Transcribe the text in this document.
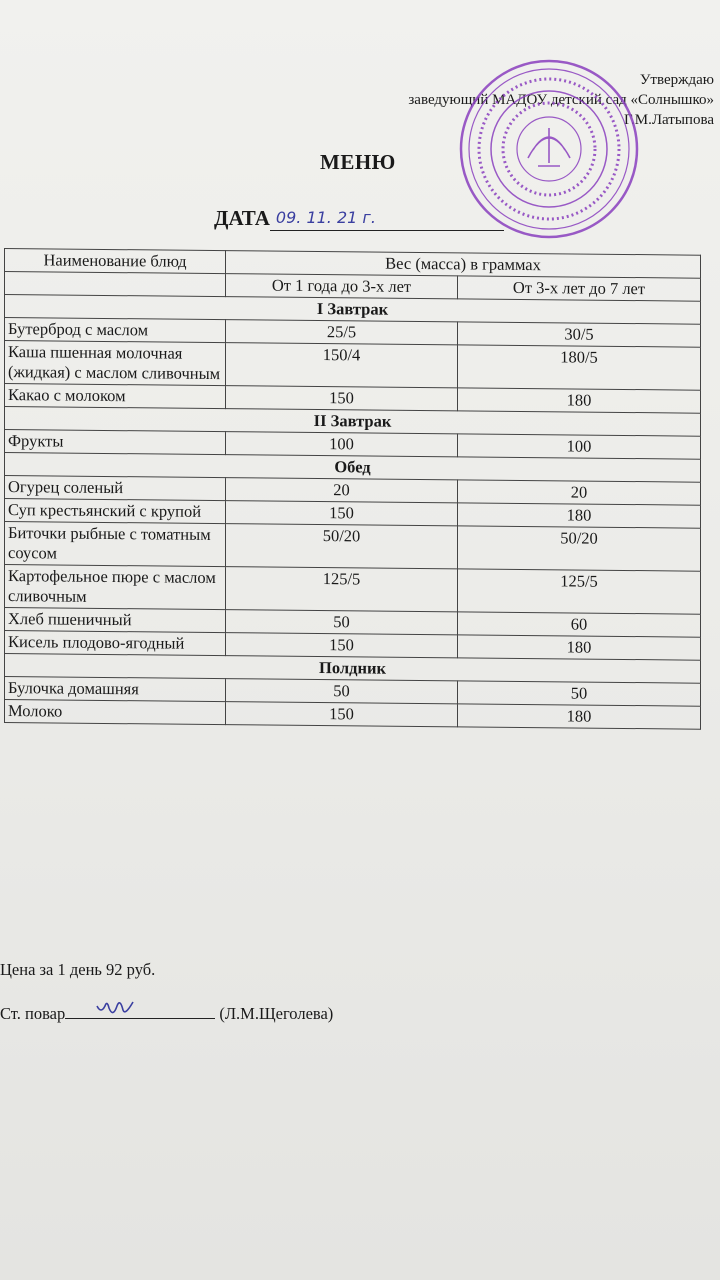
Утверждаю
заведующий МАДОУ детский сад «Солнышко»
Г.М.Латыпова
МЕНЮ
ДАТА 09. 11. 21 г.
Наименование блюд	Вес (масса) в граммах	
	От 1 года до 3-х лет	От 3-х лет до 7 лет
I Завтрак		
Бутерброд с маслом	25/5	30/5
Каша пшенная молочная (жидкая) с маслом сливочным	150/4	180/5
Какао с молоком	150	180
II Завтрак		
Фрукты	100	100
Обед		
Огурец соленый	20	20
Суп крестьянский с крупой	150	180
Биточки рыбные с томатным соусом	50/20	50/20
Картофельное пюре с маслом сливочным	125/5	125/5
Хлеб пшеничный	50	60
Кисель плодово-ягодный	150	180
Полдник		
Булочка домашняя	50	50
Молоко	150	180
Цена за 1 день 92 руб.
Ст. повар	(Л.М.Щеголева)
